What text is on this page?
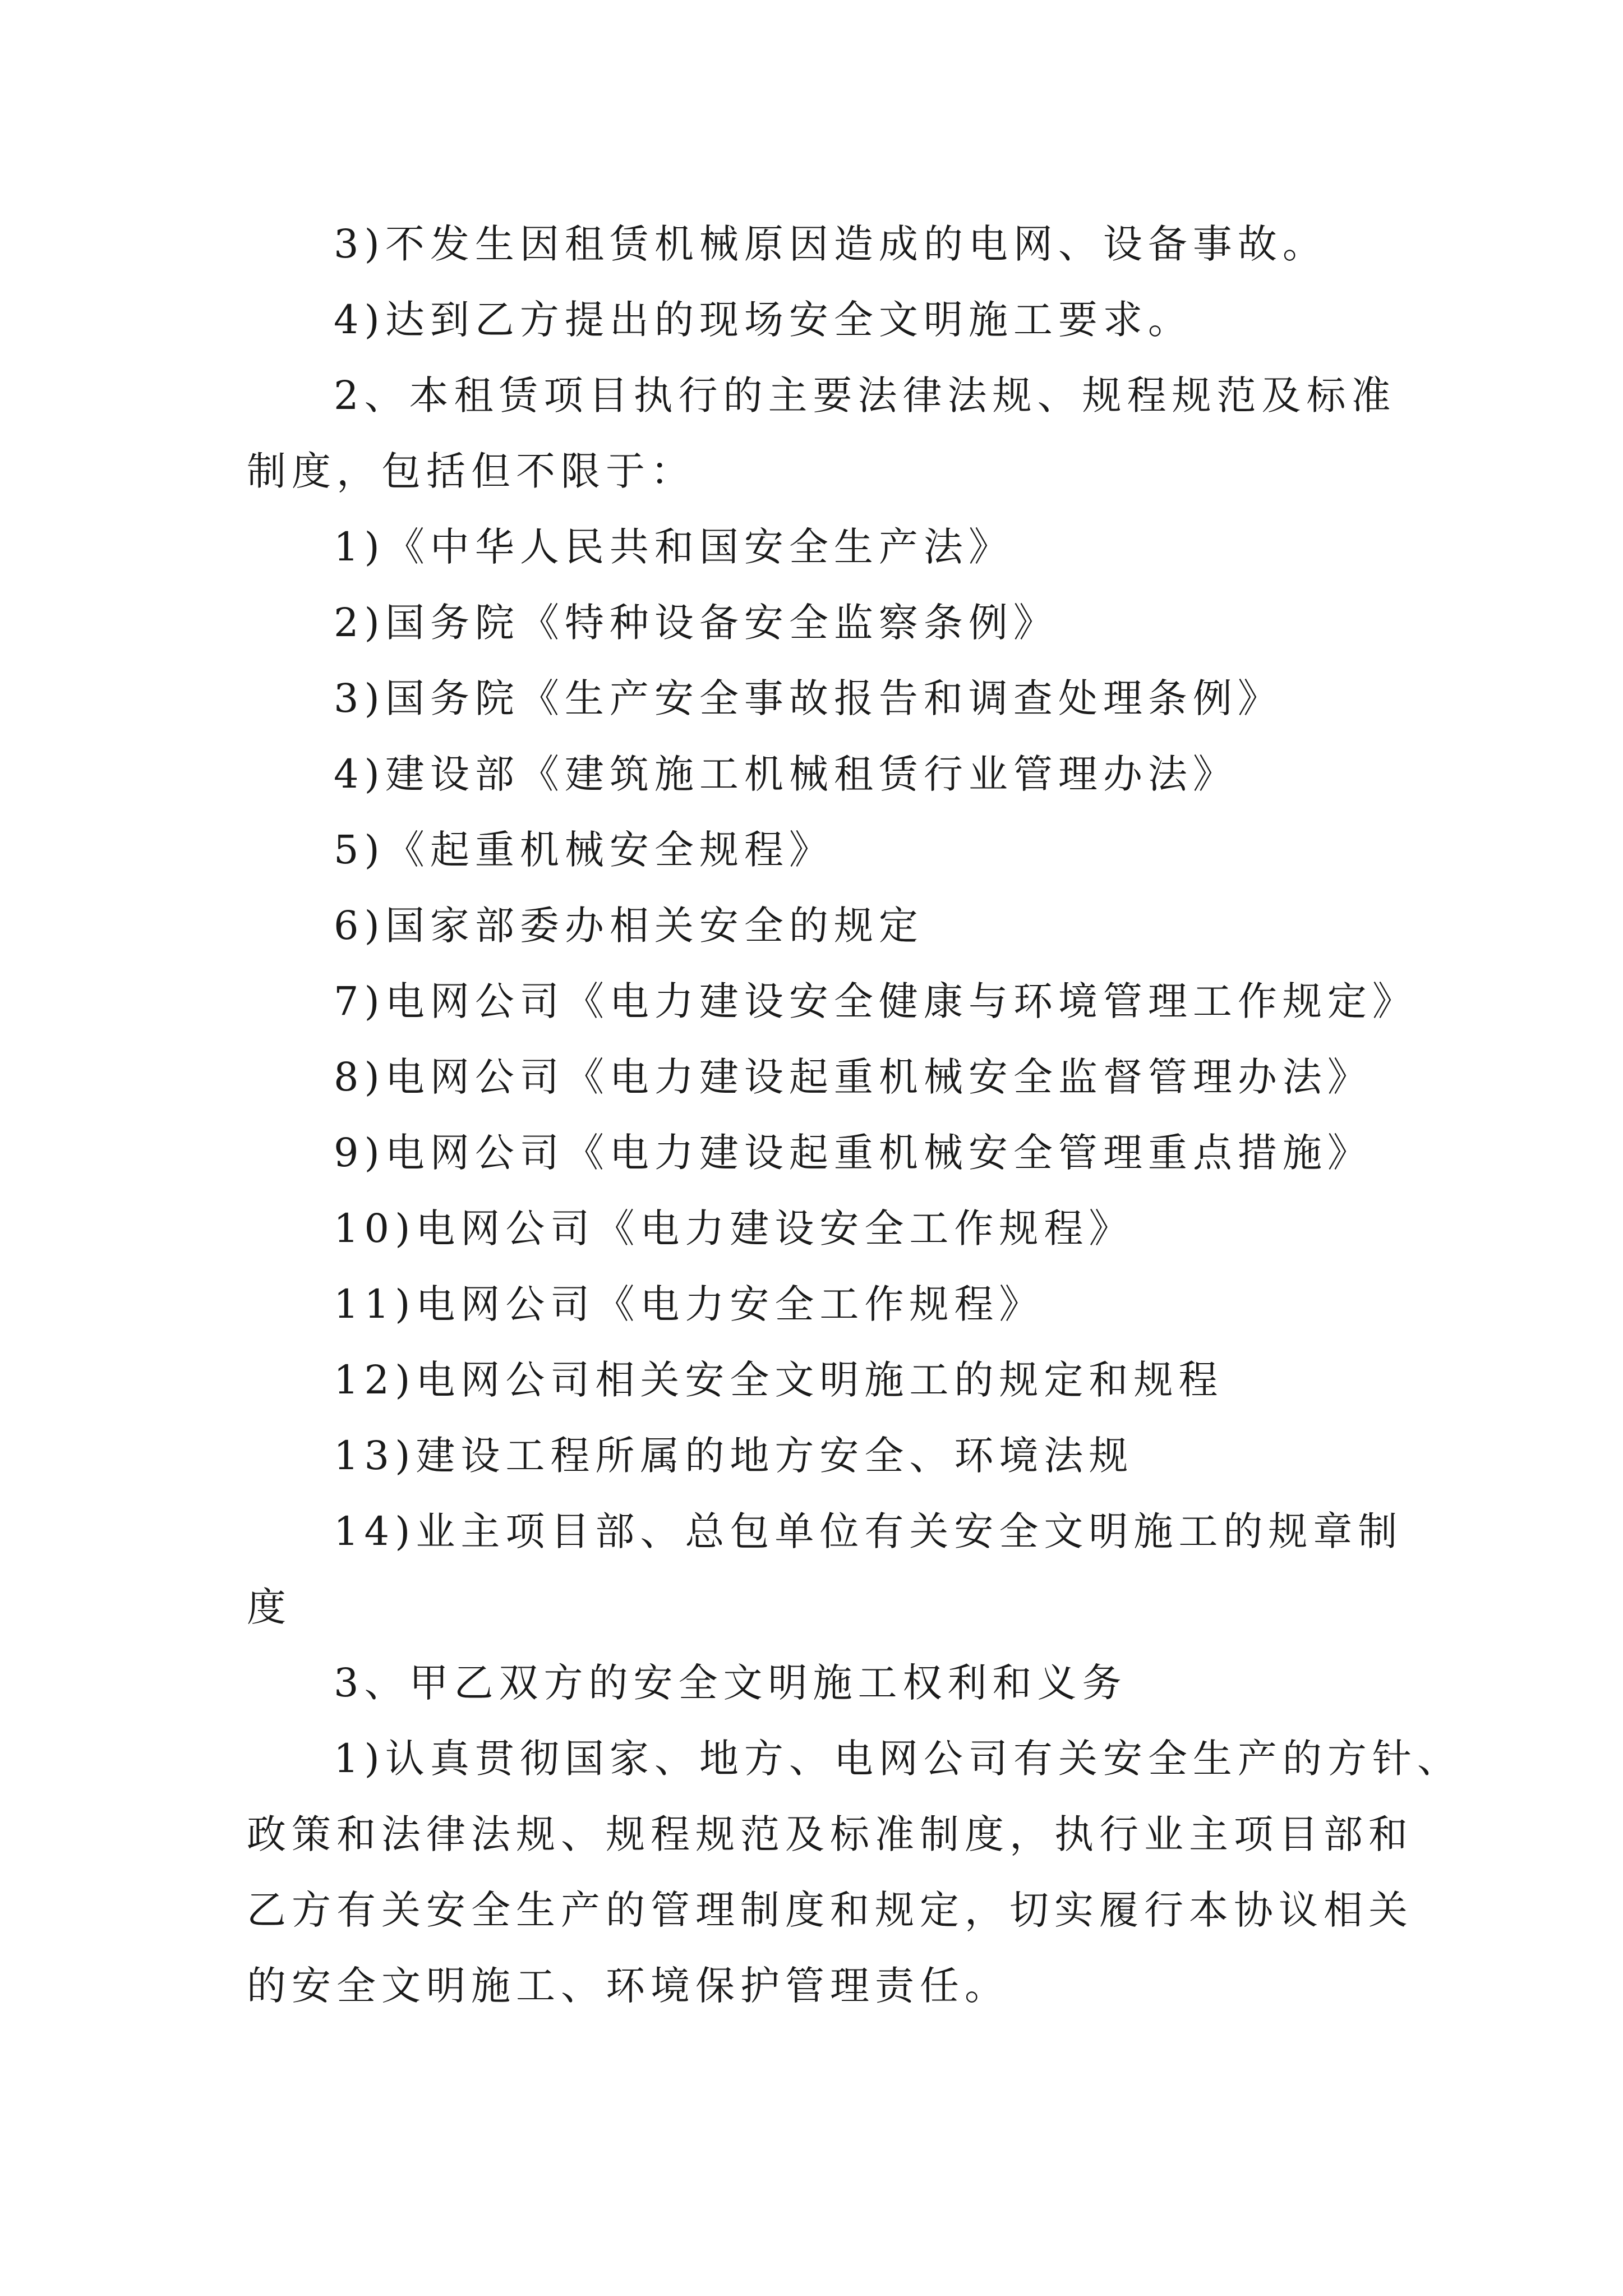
3)不发生因租赁机械原因造成的电网、设备事故。
4)达到乙方提出的现场安全文明施工要求。
2、本租赁项目执行的主要法律法规、规程规范及标准
制度，包括但不限于：
1)《中华人民共和国安全生产法》
2)国务院《特种设备安全监察条例》
3)国务院《生产安全事故报告和调查处理条例》
4)建设部《建筑施工机械租赁行业管理办法》
5)《起重机械安全规程》
6)国家部委办相关安全的规定
7)电网公司《电力建设安全健康与环境管理工作规定》
8)电网公司《电力建设起重机械安全监督管理办法》
9)电网公司《电力建设起重机械安全管理重点措施》
10)电网公司《电力建设安全工作规程》
11)电网公司《电力安全工作规程》
12)电网公司相关安全文明施工的规定和规程
13)建设工程所属的地方安全、环境法规
14)业主项目部、总包单位有关安全文明施工的规章制
度
3、甲乙双方的安全文明施工权利和义务
1)认真贯彻国家、地方、电网公司有关安全生产的方针、
政策和法律法规、规程规范及标准制度，执行业主项目部和
乙方有关安全生产的管理制度和规定，切实履行本协议相关
的安全文明施工、环境保护管理责任。
